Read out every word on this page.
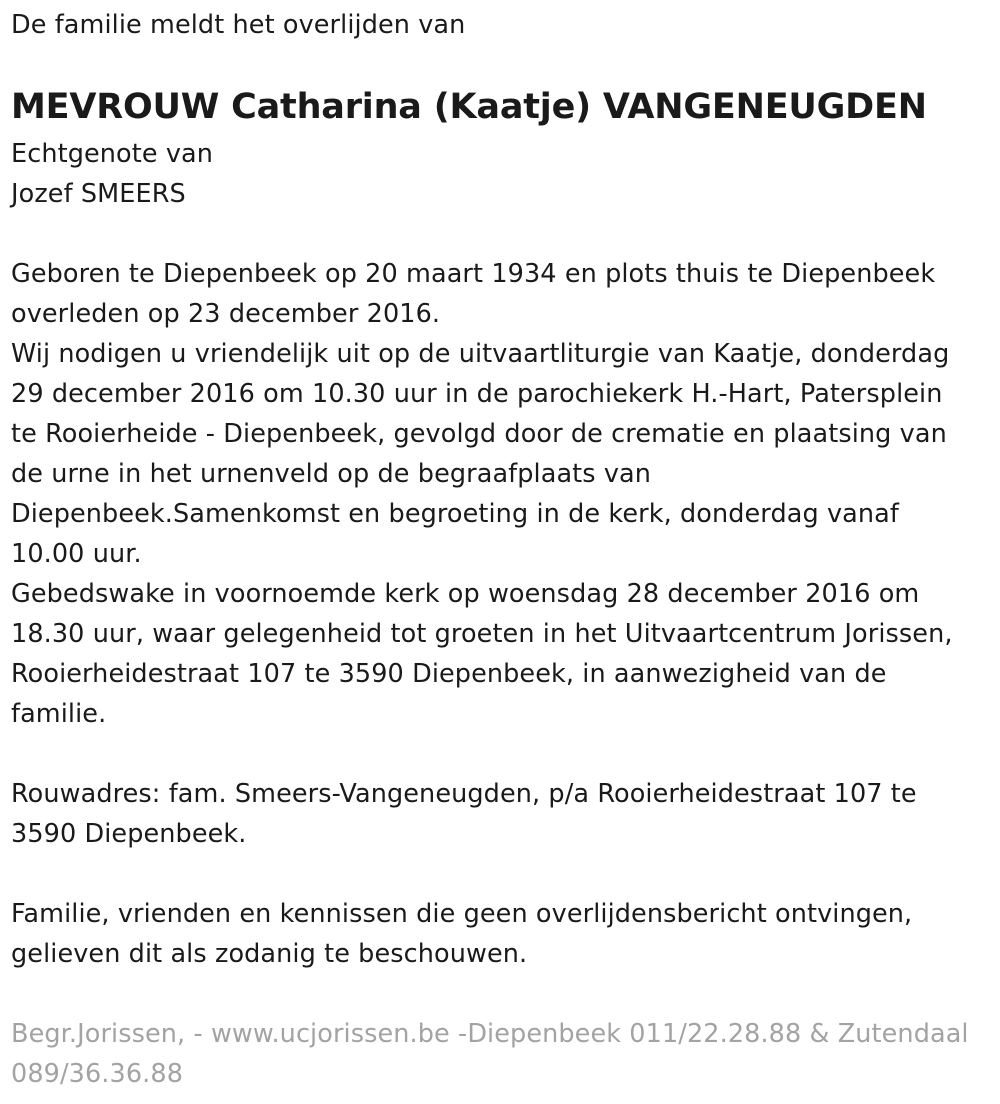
De familie meldt het overlijden van
MEVROUW Catharina (Kaatje) VANGENEUGDEN
Echtgenote van
Jozef SMEERS
Geboren te Diepenbeek op 20 maart 1934 en plots thuis te Diepenbeek
overleden op 23 december 2016.
Wij nodigen u vriendelijk uit op de uitvaartliturgie van Kaatje, donderdag
29 december 2016 om 10.30 uur in de parochiekerk H.-Hart, Patersplein
te Rooierheide - Diepenbeek, gevolgd door de crematie en plaatsing van
de urne in het urnenveld op de begraafplaats van
Diepenbeek.Samenkomst en begroeting in de kerk, donderdag vanaf
10.00 uur.
Gebedswake in voornoemde kerk op woensdag 28 december 2016 om
18.30 uur, waar gelegenheid tot groeten in het Uitvaartcentrum Jorissen,
Rooierheidestraat 107 te 3590 Diepenbeek, in aanwezigheid van de
familie.
Rouwadres: fam. Smeers-Vangeneugden, p/a Rooierheidestraat 107 te
3590 Diepenbeek.
Familie, vrienden en kennissen die geen overlijdensbericht ontvingen,
gelieven dit als zodanig te beschouwen.
Begr.Jorissen, - www.ucjorissen.be -Diepenbeek 011/22.28.88 & Zutendaal
089/36.36.88
